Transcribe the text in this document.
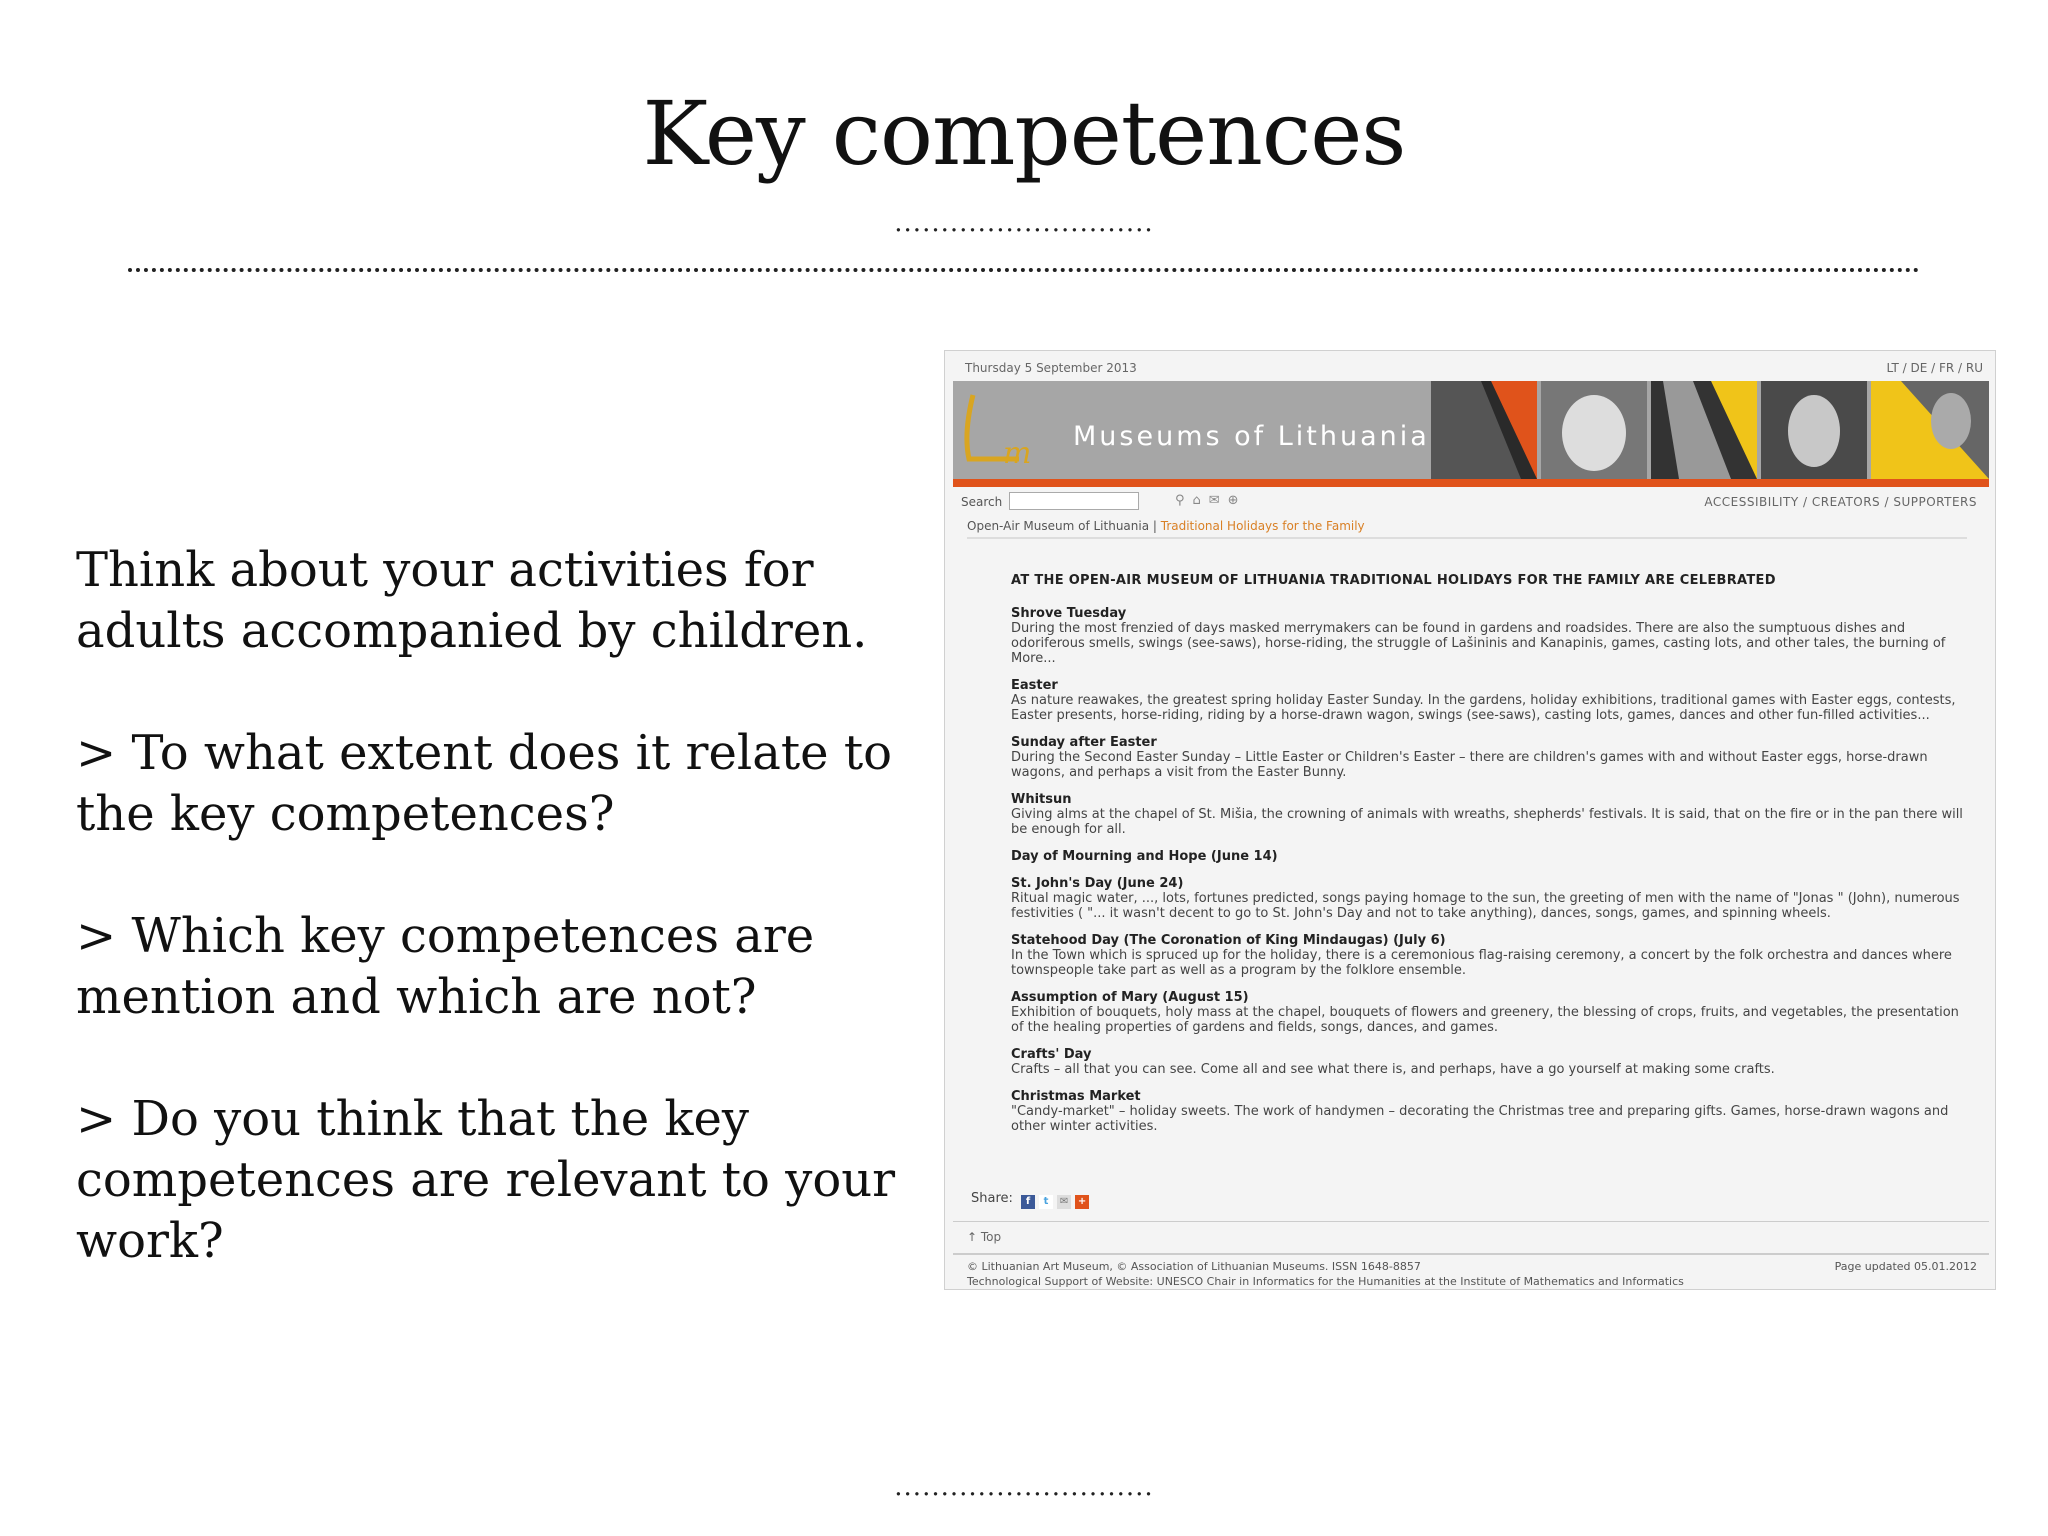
Key competences
............................

Think about your activities for adults accompanied by children.

> To what extent does it relate to the key competences?

> Which key competences are mention and which are not?

> Do you think that the key competences are relevant to your work?

Thursday 5 September 2013	LT / DE / FR / RU
m Museums of Lithuania
Search	⚲⌂✉⊕	ACCESSIBILITY / CREATORS / SUPPORTERS
Open-Air Museum of Lithuania | Traditional Holidays for the Family
AT THE OPEN-AIR MUSEUM OF LITHUANIA TRADITIONAL HOLIDAYS FOR THE FAMILY ARE CELEBRATED
Shrove Tuesday
During the most frenzied of days masked merrymakers can be found in gardens and roadsides. There are also the sumptuous dishes and odoriferous smells, swings (see-saws), horse-riding, the struggle of Lašininis and Kanapinis, games, casting lots, and other tales, the burning of More...
Easter
As nature reawakes, the greatest spring holiday Easter Sunday. In the gardens, holiday exhibitions, traditional games with Easter eggs, contests, Easter presents, horse-riding, riding by a horse-drawn wagon, swings (see-saws), casting lots, games, dances and other fun-filled activities...
Sunday after Easter
During the Second Easter Sunday – Little Easter or Children's Easter – there are children's games with and without Easter eggs, horse-drawn wagons, and perhaps a visit from the Easter Bunny.
Whitsun
Giving alms at the chapel of St. Mišia, the crowning of animals with wreaths, shepherds' festivals. It is said, that on the fire or in the pan there will be enough for all.
Day of Mourning and Hope (June 14)
St. John's Day (June 24)
Ritual magic water, ..., lots, fortunes predicted, songs paying homage to the sun, the greeting of men with the name of "Jonas " (John), numerous festivities ( "... it wasn't decent to go to St. John's Day and not to take anything), dances, songs, games, and spinning wheels.
Statehood Day (The Coronation of King Mindaugas) (July 6)
In the Town which is spruced up for the holiday, there is a ceremonious flag-raising ceremony, a concert by the folk orchestra and dances where townspeople take part as well as a program by the folklore ensemble.
Assumption of Mary (August 15)
Exhibition of bouquets, holy mass at the chapel, bouquets of flowers and greenery, the blessing of crops, fruits, and vegetables, the presentation of the healing properties of gardens and fields, songs, dances, and games.
Crafts' Day
Crafts – all that you can see. Come all and see what there is, and perhaps, have a go yourself at making some crafts.
Christmas Market
"Candy-market" – holiday sweets. The work of handymen – decorating the Christmas tree and preparing gifts. Games, horse-drawn wagons and other winter activities.
Share: f t ✉ +
↑ Top
© Lithuanian Art Museum, © Association of Lithuanian Museums. ISSN 1648-8857
Technological Support of Website: UNESCO Chair in Informatics for the Humanities at the Institute of Mathematics and Informatics
Page updated 05.01.2012
............................
